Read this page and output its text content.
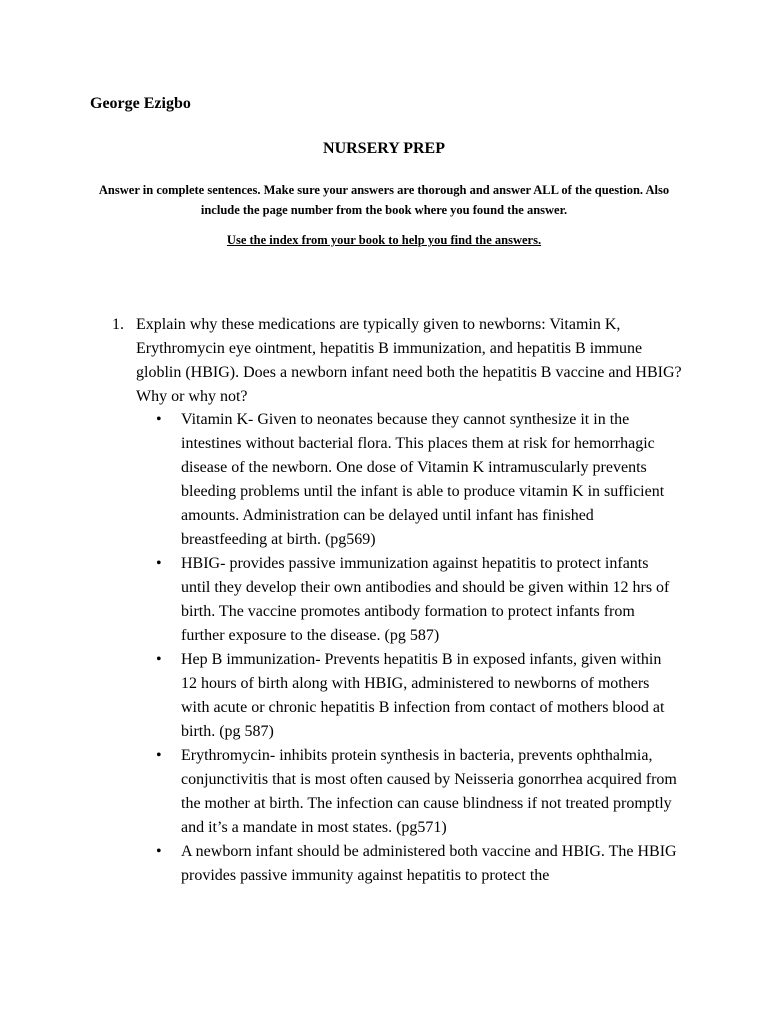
George Ezigbo
NURSERY PREP
Answer in complete sentences. Make sure your answers are thorough and answer ALL of the question. Also include the page number from the book where you found the answer.
Use the index from your book to help you find the answers.
1. Explain why these medications are typically given to newborns: Vitamin K, Erythromycin eye ointment, hepatitis B immunization, and hepatitis B immune globlin (HBIG). Does a newborn infant need both the hepatitis B vaccine and HBIG? Why or why not?
• Vitamin K- Given to neonates because they cannot synthesize it in the intestines without bacterial flora. This places them at risk for hemorrhagic disease of the newborn. One dose of Vitamin K intramuscularly prevents bleeding problems until the infant is able to produce vitamin K in sufficient amounts. Administration can be delayed until infant has finished breastfeeding at birth. (pg569)
• HBIG- provides passive immunization against hepatitis to protect infants until they develop their own antibodies and should be given within 12 hrs of birth. The vaccine promotes antibody formation to protect infants from further exposure to the disease. (pg 587)
• Hep B immunization- Prevents hepatitis B in exposed infants, given within 12 hours of birth along with HBIG, administered to newborns of mothers with acute or chronic hepatitis B infection from contact of mothers blood at birth. (pg 587)
• Erythromycin- inhibits protein synthesis in bacteria, prevents ophthalmia, conjunctivitis that is most often caused by Neisseria gonorrhea acquired from the mother at birth. The infection can cause blindness if not treated promptly and it’s a mandate in most states. (pg571)
• A newborn infant should be administered both vaccine and HBIG. The HBIG provides passive immunity against hepatitis to protect the
